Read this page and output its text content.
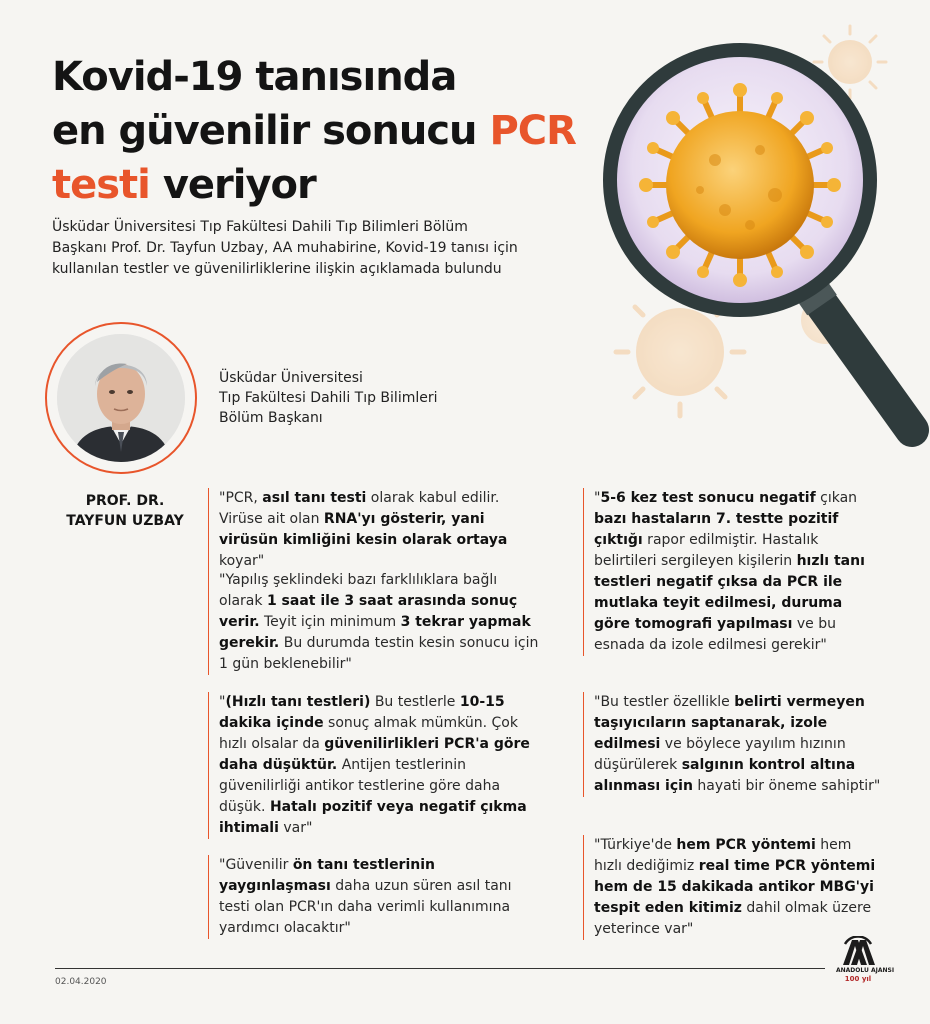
Kovid-19 tanısında
en güvenilir sonucu PCR
testi veriyor

Üsküdar Üniversitesi Tıp Fakültesi Dahili Tıp Bilimleri Bölüm Başkanı Prof. Dr. Tayfun Uzbay, AA muhabirine, Kovid-19 tanısı için kullanılan testler ve güvenilirliklerine ilişkin açıklamada bulundu

Üsküdar Üniversitesi
Tıp Fakültesi Dahili Tıp Bilimleri
Bölüm Başkanı
PROF. DR.
TAYFUN UZBAY
"PCR, asıl tanı testi olarak kabul edilir. Virüse ait olan RNA'yı gösterir, yani virüsün kimliğini kesin olarak ortaya koyar"
"Yapılış şeklindeki bazı farklılıklara bağlı olarak 1 saat ile 3 saat arasında sonuç verir. Teyit için minimum 3 tekrar yapmak gerekir. Bu durumda testin kesin sonucu için 1 gün beklenebilir"
"(Hızlı tanı testleri) Bu testlerle 10-15 dakika içinde sonuç almak mümkün. Çok hızlı olsalar da güvenilirlikleri PCR'a göre daha düşüktür. Antijen testlerinin güvenilirliği antikor testlerine göre daha düşük. Hatalı pozitif veya negatif çıkma ihtimali var"
"Güvenilir ön tanı testlerinin yaygınlaşması daha uzun süren asıl tanı testi olan PCR'ın daha verimli kullanımına yardımcı olacaktır"
"5-6 kez test sonucu negatif çıkan bazı hastaların 7. testte pozitif çıktığı rapor edilmiştir. Hastalık belirtileri sergileyen kişilerin hızlı tanı testleri negatif çıksa da PCR ile mutlaka teyit edilmesi, duruma göre tomografi yapılması ve bu esnada da izole edilmesi gerekir"
"Bu testler özellikle belirti vermeyen taşıyıcıların saptanarak, izole edilmesi ve böylece yayılım hızının düşürülerek salgının kontrol altına alınması için hayati bir öneme sahiptir"
"Türkiye'de hem PCR yöntemi hem hızlı dediğimiz real time PCR yöntemi hem de 15 dakikada antikor MBG'yi tespit eden kitimiz dahil olmak üzere yeterince var"
02.04.2020
ANADOLU AJANSI
100 yıl
